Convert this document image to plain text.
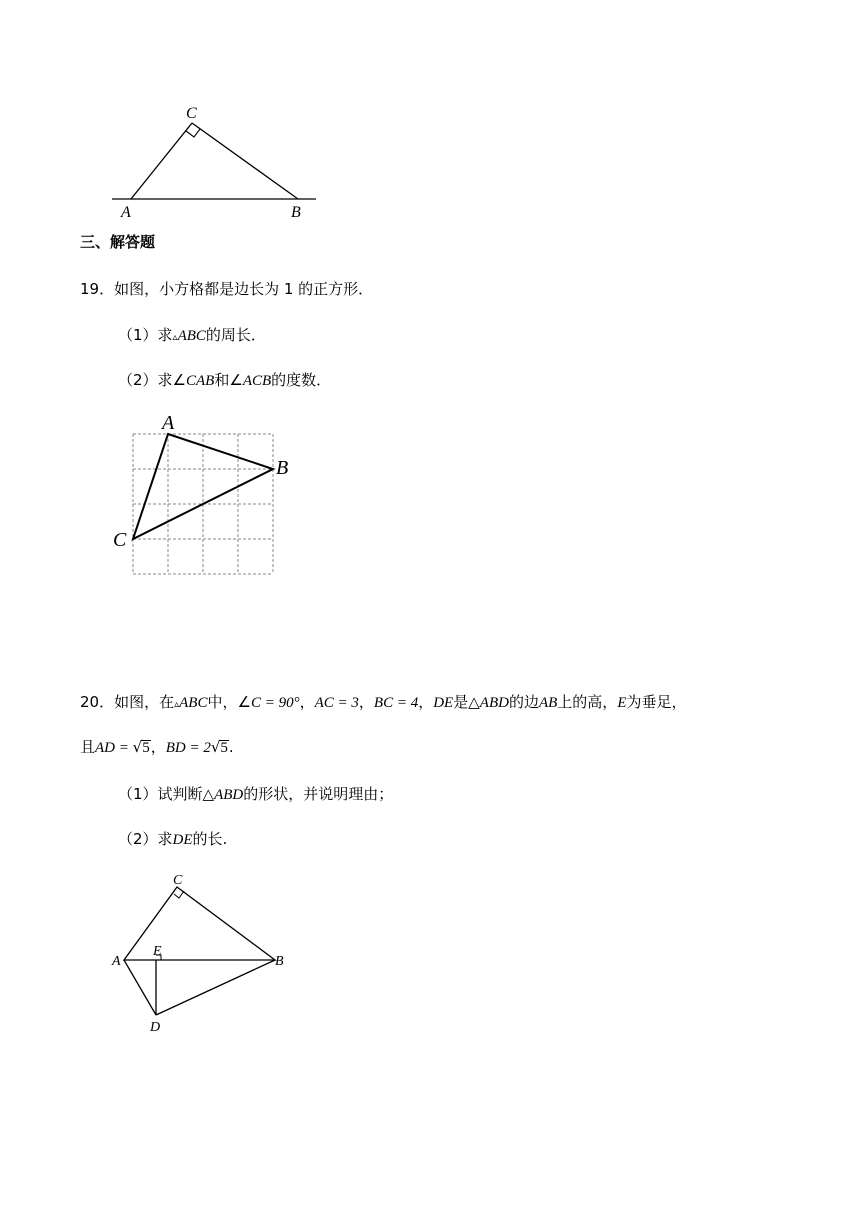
C
A	B
三、解答题
19．如图，小方格都是边长为 1 的正方形．
（1）求▵ABC的周长．
（2）求∠CAB和∠ACB的度数．
A
B
C
20．如图，在▵ABC中，∠C = 90°，AC = 3，BC = 4，DE是△ABD的边AB上的高，E为垂足，
且AD = √5，BD = 2√5.
（1）试判断△ABD的形状，并说明理由；
（2）求DE的长.
C
A
E
B
D
